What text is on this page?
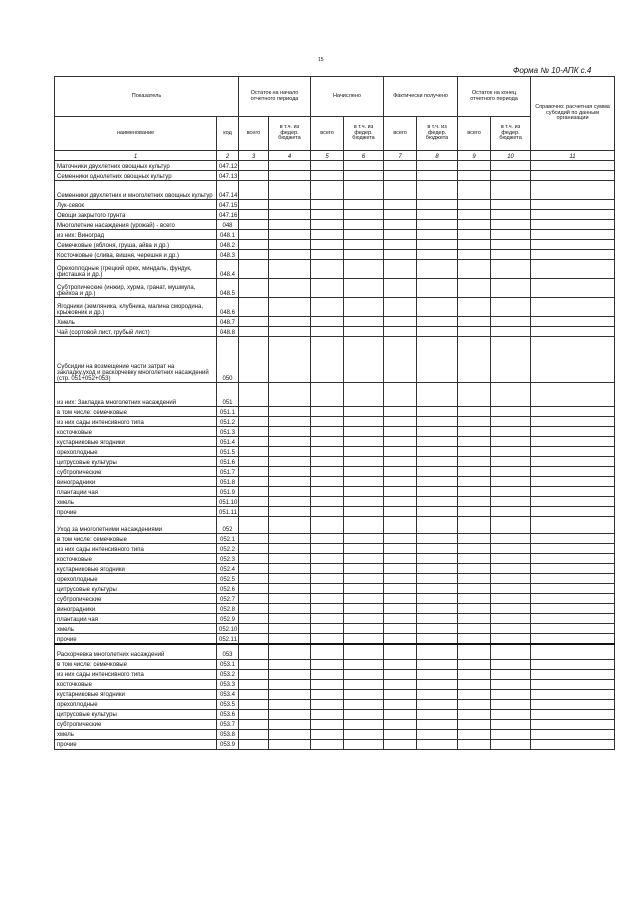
15
Форма № 10-АПК с.4
Показатель		Остаток на начало отчетного периода		Начислено		Фактически получено		Остаток на конец отчетного периода		Справочно: расчетная сумма субсидий по данным организации
наименование	код	всего	в т.ч. из федер. бюджета	всего	в т.ч. из федер. бюджета	всего	в т.ч. из федер. бюджета	всего	в т.ч. из федер. бюджета	
1	2	3	4	5	6	7	8	9	10	11
Маточники двухлетних овощных культур	047.12									
Семенники однолетних овощных культур	047.13									
Семенники двухлетних и многолетних овощных культур	047.14									
Лук-севок	047.15									
Овощи закрытого грунта	047.16									
Многолетние насаждения (урожай) - всего	048									
из них: Виноград	048.1									
Семечковые (яблоня, груша, айва и др.)	048.2									
Косточковые (слива, вишня, черешня и др.)	048.3									
Орехоплодные (грецкий орех, миндаль, фундук, фисташка и др.)	048.4									
Субтропические (инжир, хурма, гранат, мушмула, фейхоа и др.)	048.5									
Ягодники (земляника, клубника, малина смородина, крыжовник и др.)	048.6									
Хмель	048.7									
Чай (сортовой лист, грубый лист)	048.8									
Субсидии на возмещение части затрат на закладку,уход и раскорчевку многолетних насаждений (стр. 051+052+053)	050									
из них: Закладка многолетних насаждений	051									
в том числе: семечковые	051.1									
из них сады интенсивного типа	051.2									
косточковые	051.3									
кустарниковые ягодники	051.4									
орехоплодные	051.5									
цитрусовые культуры	051.6									
субтропические	051.7									
виноградники	051.8									
плантации чая	051.9									
хмель	051.10									
прочие	051.11									
Уход за многолетними насаждениями	052									
в том числе: семечковые	052.1									
из них сады интенсивного типа	052.2									
косточковые	052.3									
кустарниковые ягодники	052.4									
орехоплодные	052.5									
цитрусовые культуры	052.6									
субтропические	052.7									
виноградники	052.8									
плантации чая	052.9									
хмель	052.10									
прочие	052.11									
Раскорчевка многолетних насаждений	053									
в том числе: семечковые	053.1									
из них сады интенсивного типа	053.2									
косточковые	053.3									
кустарниковые ягодники	053.4									
орехоплодные	053.5									
цитрусовые культуры	053.6									
субтропические	053.7									
хмель	053.8									
прочие	053.9									
